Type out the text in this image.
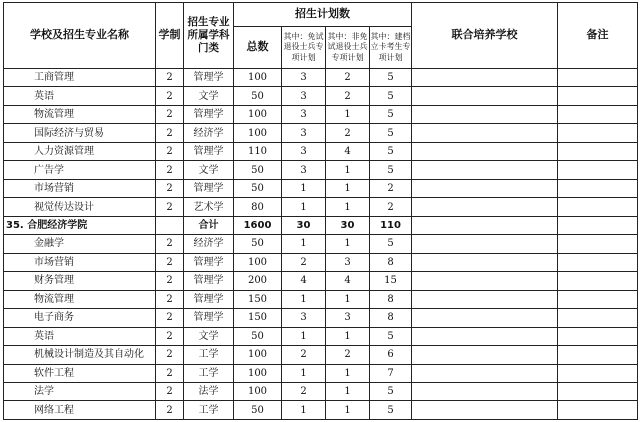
学校及招生专业名称	学制	招生专业所属学科门类	招生计划数				联合培养学校	备注
			总数	其中：免试退役士兵专项计划	其中：非免试退役士兵专项计划	其中：建档立卡考生专项计划		
工商管理	2	管理学	100	3	2	5		
英语	2	文学	50	3	2	5		
物流管理	2	管理学	100	3	1	5		
国际经济与贸易	2	经济学	100	3	2	5		
人力资源管理	2	管理学	110	3	4	5		
广告学	2	文学	50	3	1	5		
市场营销	2	管理学	50	1	1	2		
视觉传达设计	2	艺术学	80	1	1	2		
35. 合肥经济学院		合计	1600	30	30	110		
金融学	2	经济学	50	1	1	5		
市场营销	2	管理学	100	2	3	8		
财务管理	2	管理学	200	4	4	15		
物流管理	2	管理学	150	1	1	8		
电子商务	2	管理学	150	3	3	8		
英语	2	文学	50	1	1	5		
机械设计制造及其自动化	2	工学	100	2	2	6		
软件工程	2	工学	100	1	1	7		
法学	2	法学	100	2	1	5		
网络工程	2	工学	50	1	1	5		
